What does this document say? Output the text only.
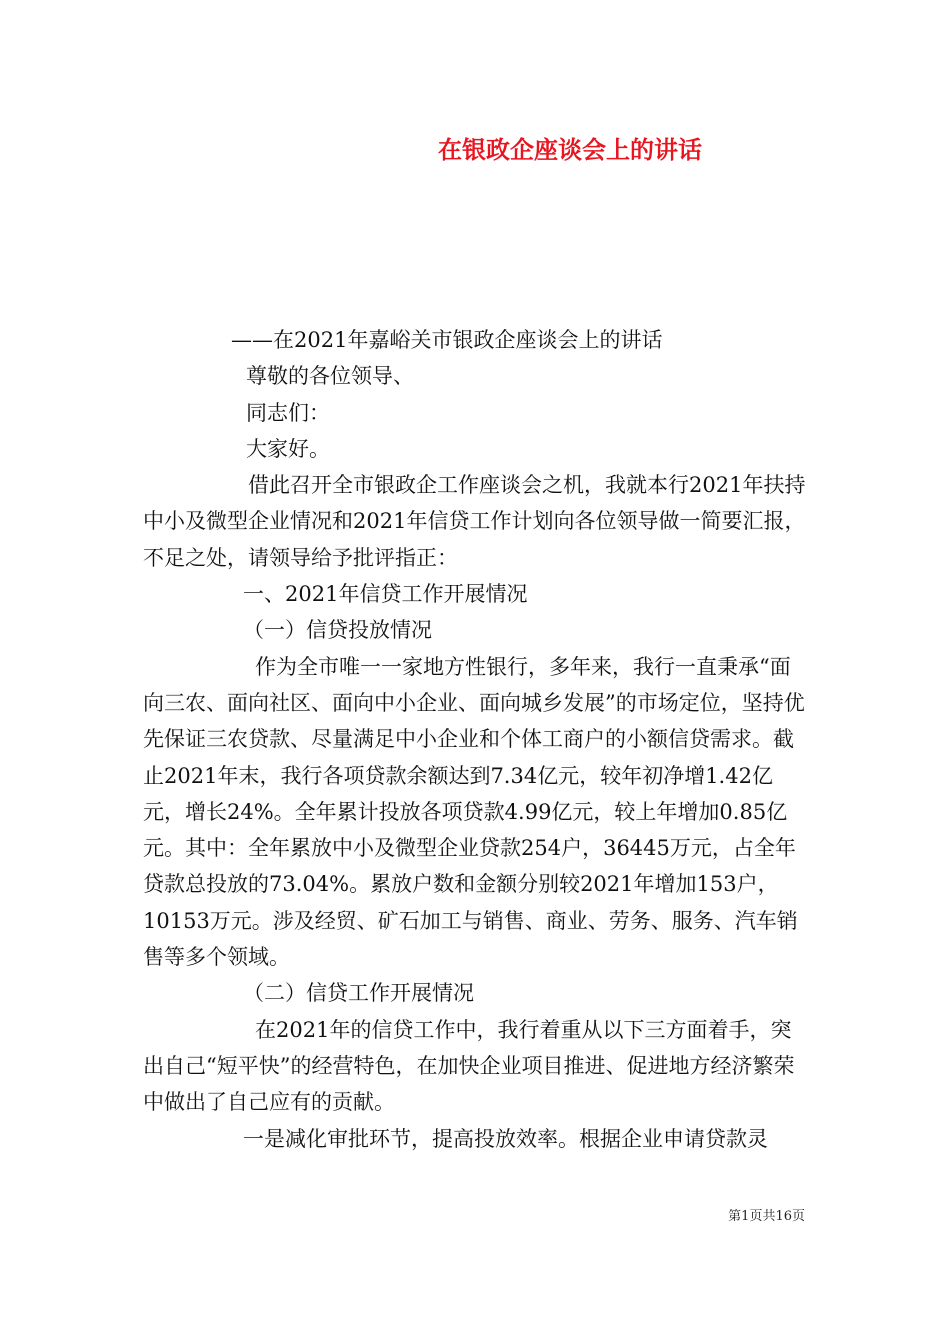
在银政企座谈会上的讲话

——在2021年嘉峪关市银政企座谈会上的讲话

尊敬的各位领导、

同志们：

大家好。

借此召开全市银政企工作座谈会之机，我就本行2021年扶持中小及微型企业情况和2021年信贷工作计划向各位领导做一简要汇报，不足之处，请领导给予批评指正：

一、2021年信贷工作开展情况

（一）信贷投放情况

作为全市唯一一家地方性银行，多年来，我行一直秉承“面向三农、面向社区、面向中小企业、面向城乡发展”的市场定位，坚持优先保证三农贷款、尽量满足中小企业和个体工商户的小额信贷需求。截止2021年末，我行各项贷款余额达到7.34亿元，较年初净增1.42亿元，增长24%。全年累计投放各项贷款4.99亿元，较上年增加0.85亿元。其中：全年累放中小及微型企业贷款254户，36445万元，占全年贷款总投放的73.04%。累放户数和金额分别较2021年增加153户，10153万元。涉及经贸、矿石加工与销售、商业、劳务、服务、汽车销售等多个领域。

（二）信贷工作开展情况

在2021年的信贷工作中，我行着重从以下三方面着手，突出自己“短平快”的经营特色，在加快企业项目推进、促进地方经济繁荣中做出了自己应有的贡献。

一是减化审批环节，提高投放效率。根据企业申请贷款灵

第1页共16页
